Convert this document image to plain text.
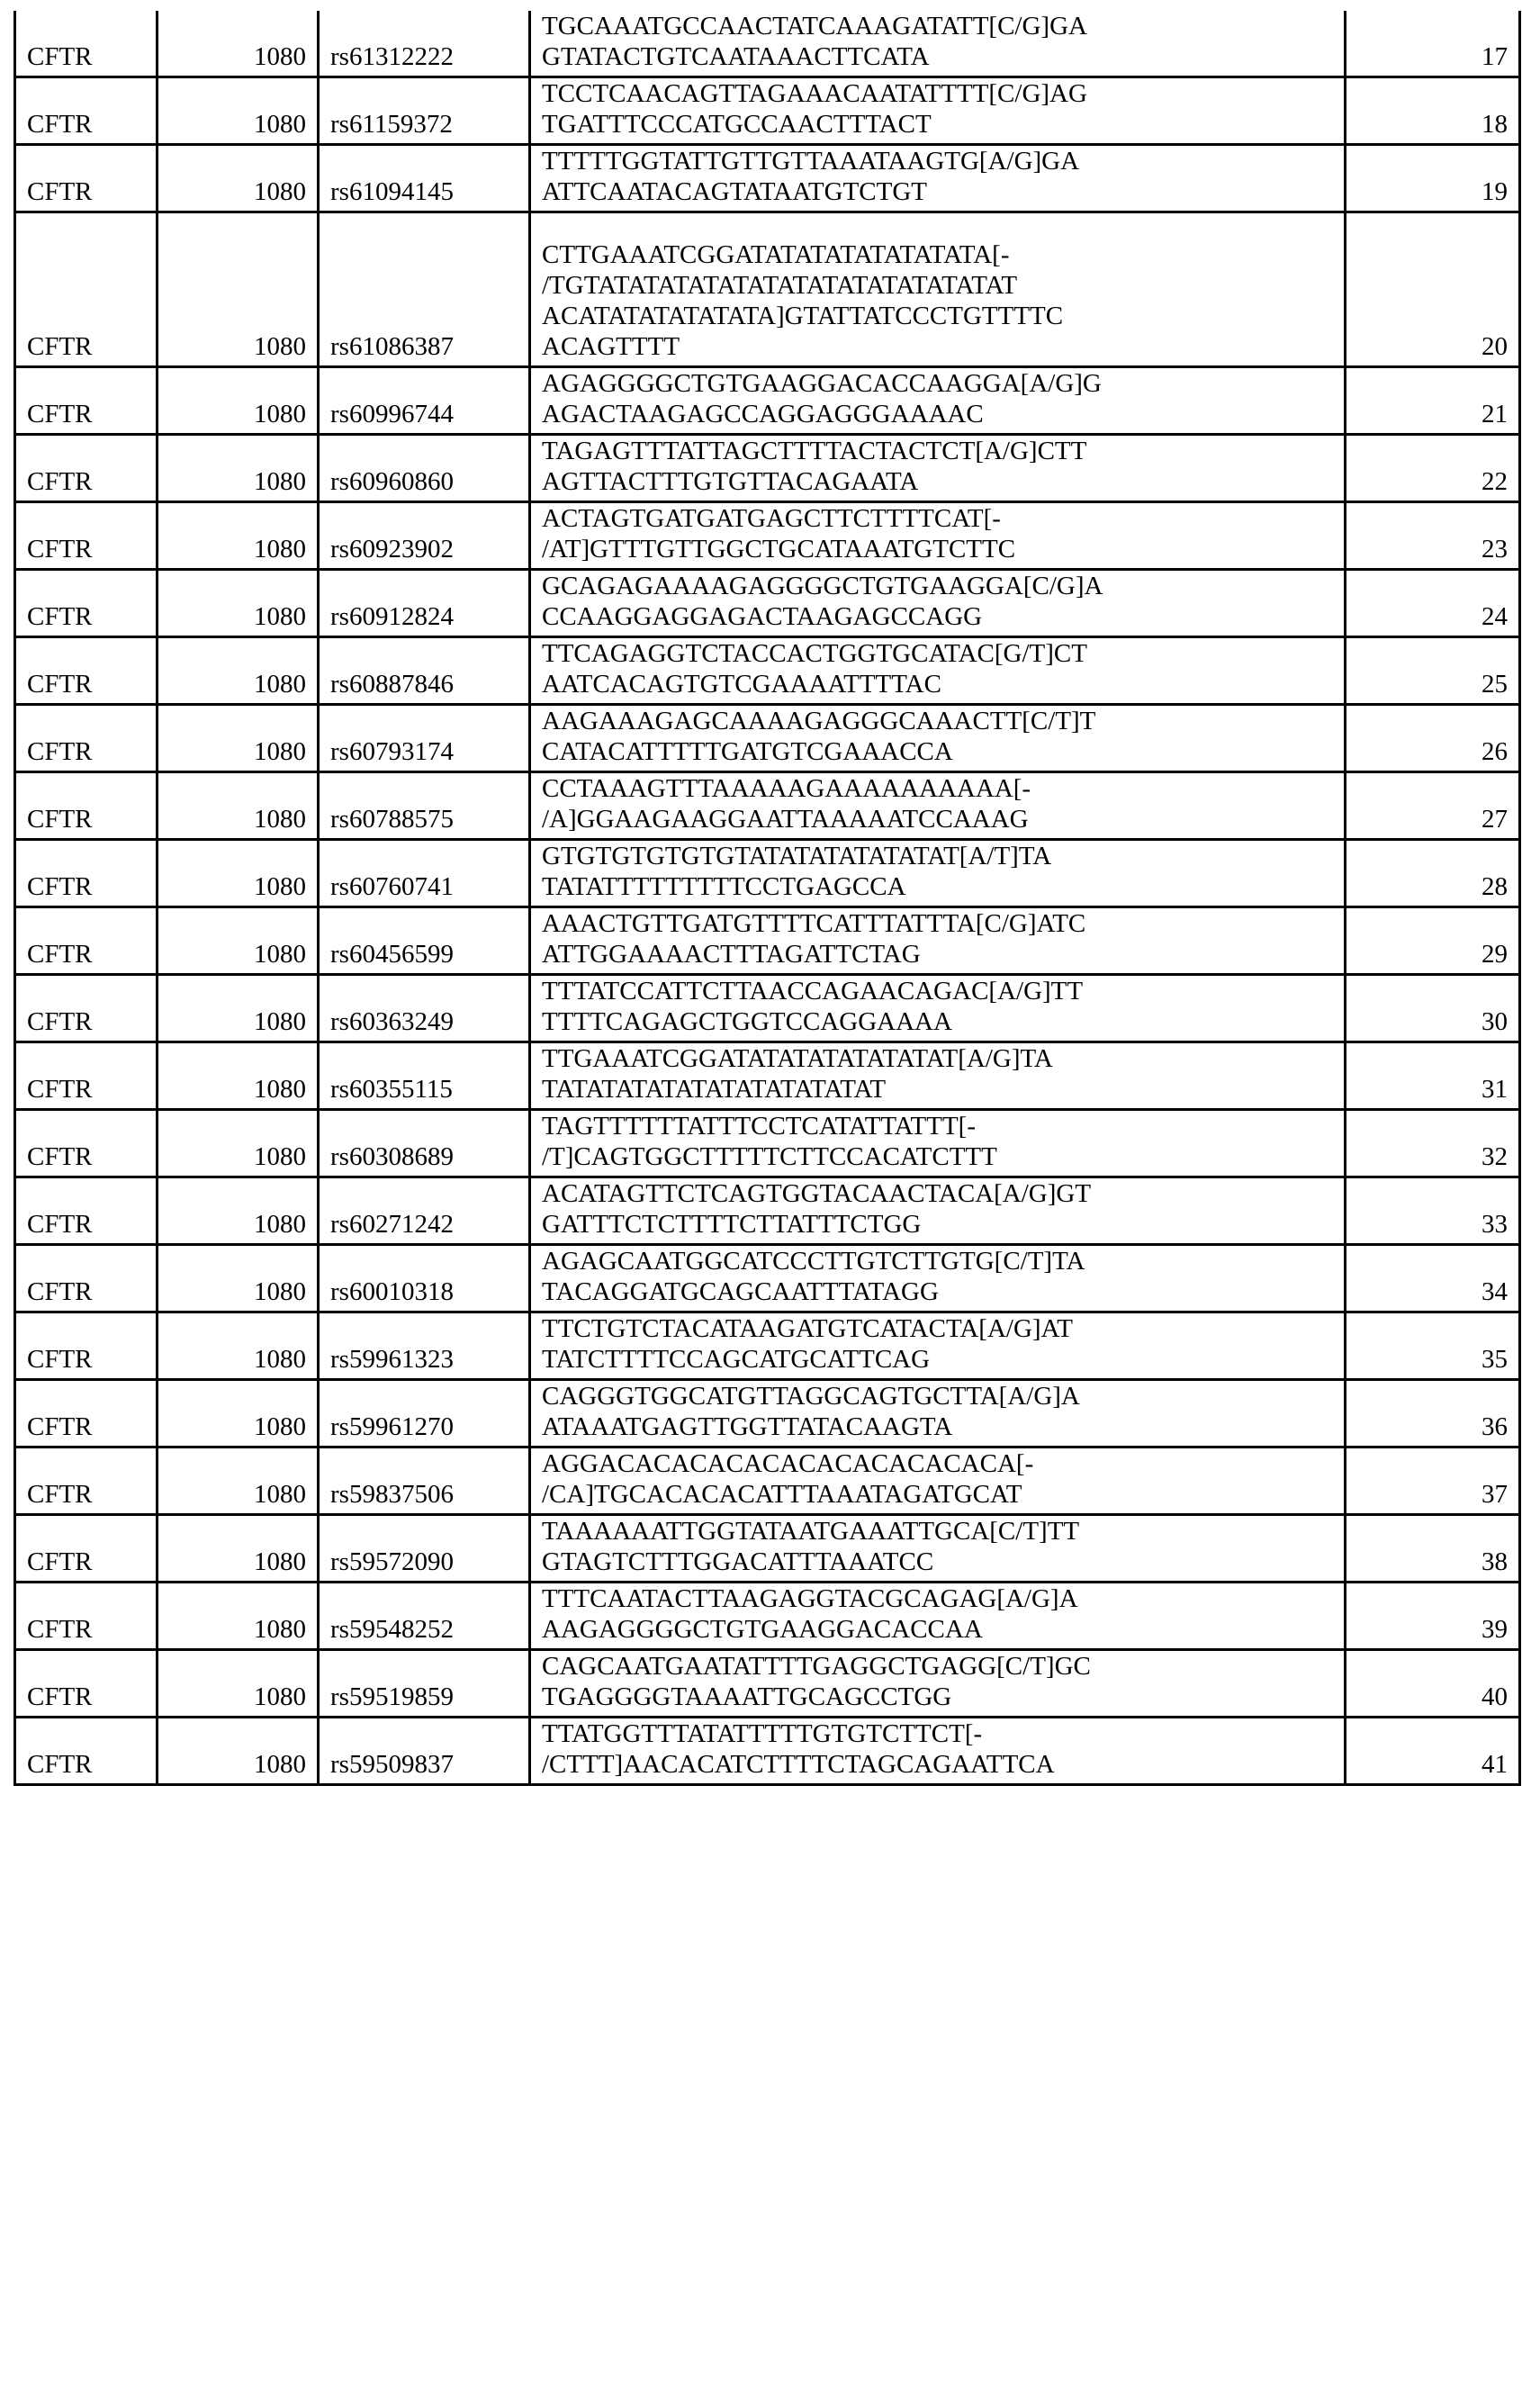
CFTR	1080	rs61312222	TGCAAATGCCAACTATCAAAGATATT[C/G]GA
GTATACTGTCAATAAACTTCATA	17
CFTR	1080	rs61159372	TCCTCAACAGTTAGAAACAATATTTT[C/G]AG
TGATTTCCCATGCCAACTTTACT	18
CFTR	1080	rs61094145	TTTTTGGTATTGTTGTTAAATAAGTG[A/G]GA
ATTCAATACAGTATAATGTCTGT	19
CFTR	1080	rs61086387	CTTGAAATCGGATATATATATATATATA[-
/TGTATATATATATATATATATATATATATAT
ACATATATATATATA]GTATTATCCCTGTTTTC
ACAGTTTT	20
CFTR	1080	rs60996744	AGAGGGGCTGTGAAGGACACCAAGGA[A/G]G
AGACTAAGAGCCAGGAGGGAAAAC	21
CFTR	1080	rs60960860	TAGAGTTTATTAGCTTTTACTACTCT[A/G]CTT
AGTTACTTTGTGTTACAGAATA	22
CFTR	1080	rs60923902	ACTAGTGATGATGAGCTTCTTTTCAT[-
/AT]GTTTGTTGGCTGCATAAATGTCTTC	23
CFTR	1080	rs60912824	GCAGAGAAAAGAGGGGCTGTGAAGGA[C/G]A
CCAAGGAGGAGACTAAGAGCCAGG	24
CFTR	1080	rs60887846	TTCAGAGGTCTACCACTGGTGCATAC[G/T]CT
AATCACAGTGTCGAAAATTTTAC	25
CFTR	1080	rs60793174	AAGAAAGAGCAAAAGAGGGCAAACTT[C/T]T
CATACATTTTTGATGTCGAAACCA	26
CFTR	1080	rs60788575	CCTAAAGTTTAAAAAGAAAAAAAAAA[-
/A]GGAAGAAGGAATTAAAAATCCAAAG	27
CFTR	1080	rs60760741	GTGTGTGTGTGTATATATATATATAT[A/T]TA
TATATTTTTTTTTCCTGAGCCA	28
CFTR	1080	rs60456599	AAACTGTTGATGTTTTCATTTATTTA[C/G]ATC
ATTGGAAAACTTTAGATTCTAG	29
CFTR	1080	rs60363249	TTTATCCATTCTTAACCAGAACAGAC[A/G]TT
TTTTCAGAGCTGGTCCAGGAAAA	30
CFTR	1080	rs60355115	TTGAAATCGGATATATATATATATAT[A/G]TA
TATATATATATATATATATATAT	31
CFTR	1080	rs60308689	TAGTTTTTTATTTCCTCATATTATTT[-
/T]CAGTGGCTTTTTCTTCCACATCTTT	32
CFTR	1080	rs60271242	ACATAGTTCTCAGTGGTACAACTACA[A/G]GT
GATTTCTCTTTTCTTATTTCTGG	33
CFTR	1080	rs60010318	AGAGCAATGGCATCCCTTGTCTTGTG[C/T]TA
TACAGGATGCAGCAATTTATAGG	34
CFTR	1080	rs59961323	TTCTGTCTACATAAGATGTCATACTA[A/G]AT
TATCTTTTCCAGCATGCATTCAG	35
CFTR	1080	rs59961270	CAGGGTGGCATGTTAGGCAGTGCTTA[A/G]A
ATAAATGAGTTGGTTATACAAGTA	36
CFTR	1080	rs59837506	AGGACACACACACACACACACACACA[-
/CA]TGCACACACATTTAAATAGATGCAT	37
CFTR	1080	rs59572090	TAAAAAATTGGTATAATGAAATTGCA[C/T]TT
GTAGTCTTTGGACATTTAAATCC	38
CFTR	1080	rs59548252	TTTCAATACTTAAGAGGTACGCAGAG[A/G]A
AAGAGGGGCTGTGAAGGACACCAA	39
CFTR	1080	rs59519859	CAGCAATGAATATTTTGAGGCTGAGG[C/T]GC
TGAGGGGTAAAATTGCAGCCTGG	40
CFTR	1080	rs59509837	TTATGGTTTATATTTTTGTGTCTTCT[-
/CTTT]AACACATCTTTTCTAGCAGAATTCA	41
